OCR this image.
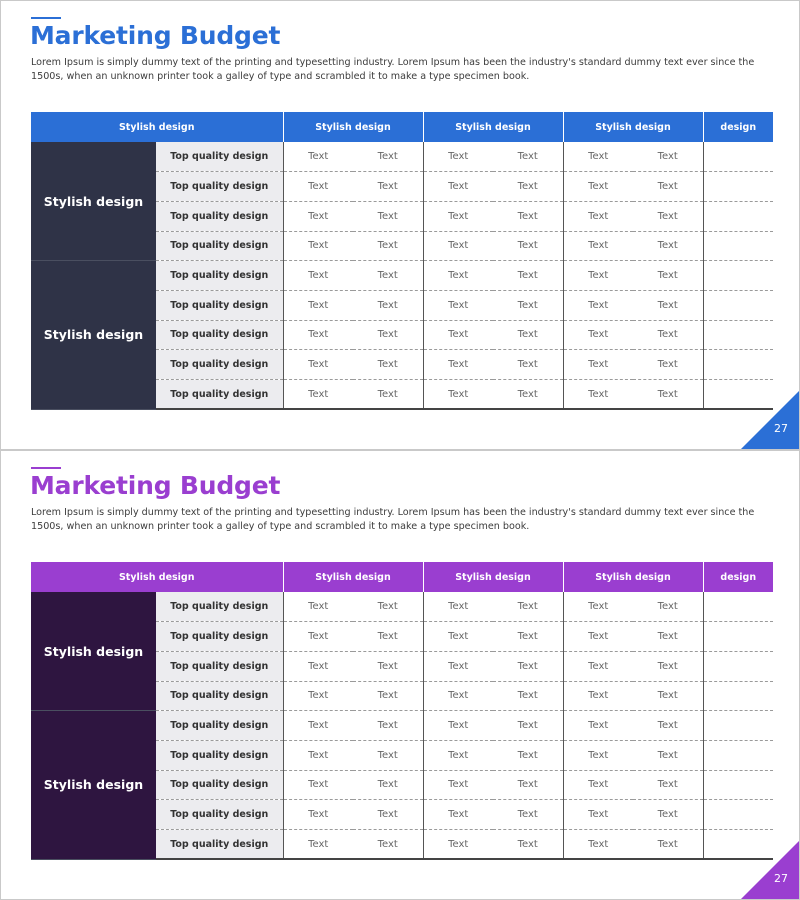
Marketing Budget

Lorem Ipsum is simply dummy text of the printing and typesetting industry. Lorem Ipsum has been the industry's standard dummy text ever since the 1500s, when an unknown printer took a galley of type and scrambled it to make a type specimen book.

Stylish design		Stylish design		Stylish design		Stylish design		design
Stylish design	Top quality design	Text	Text	Text	Text	Text	Text	
	Top quality design	Text	Text	Text	Text	Text	Text	
	Top quality design	Text	Text	Text	Text	Text	Text	
	Top quality design	Text	Text	Text	Text	Text	Text	
Stylish design	Top quality design	Text	Text	Text	Text	Text	Text	
	Top quality design	Text	Text	Text	Text	Text	Text	
	Top quality design	Text	Text	Text	Text	Text	Text	
	Top quality design	Text	Text	Text	Text	Text	Text	
	Top quality design	Text	Text	Text	Text	Text	Text	
27
Marketing Budget

Lorem Ipsum is simply dummy text of the printing and typesetting industry. Lorem Ipsum has been the industry's standard dummy text ever since the 1500s, when an unknown printer took a galley of type and scrambled it to make a type specimen book.

Stylish design		Stylish design		Stylish design		Stylish design		design
Stylish design	Top quality design	Text	Text	Text	Text	Text	Text	
	Top quality design	Text	Text	Text	Text	Text	Text	
	Top quality design	Text	Text	Text	Text	Text	Text	
	Top quality design	Text	Text	Text	Text	Text	Text	
Stylish design	Top quality design	Text	Text	Text	Text	Text	Text	
	Top quality design	Text	Text	Text	Text	Text	Text	
	Top quality design	Text	Text	Text	Text	Text	Text	
	Top quality design	Text	Text	Text	Text	Text	Text	
	Top quality design	Text	Text	Text	Text	Text	Text	
27
